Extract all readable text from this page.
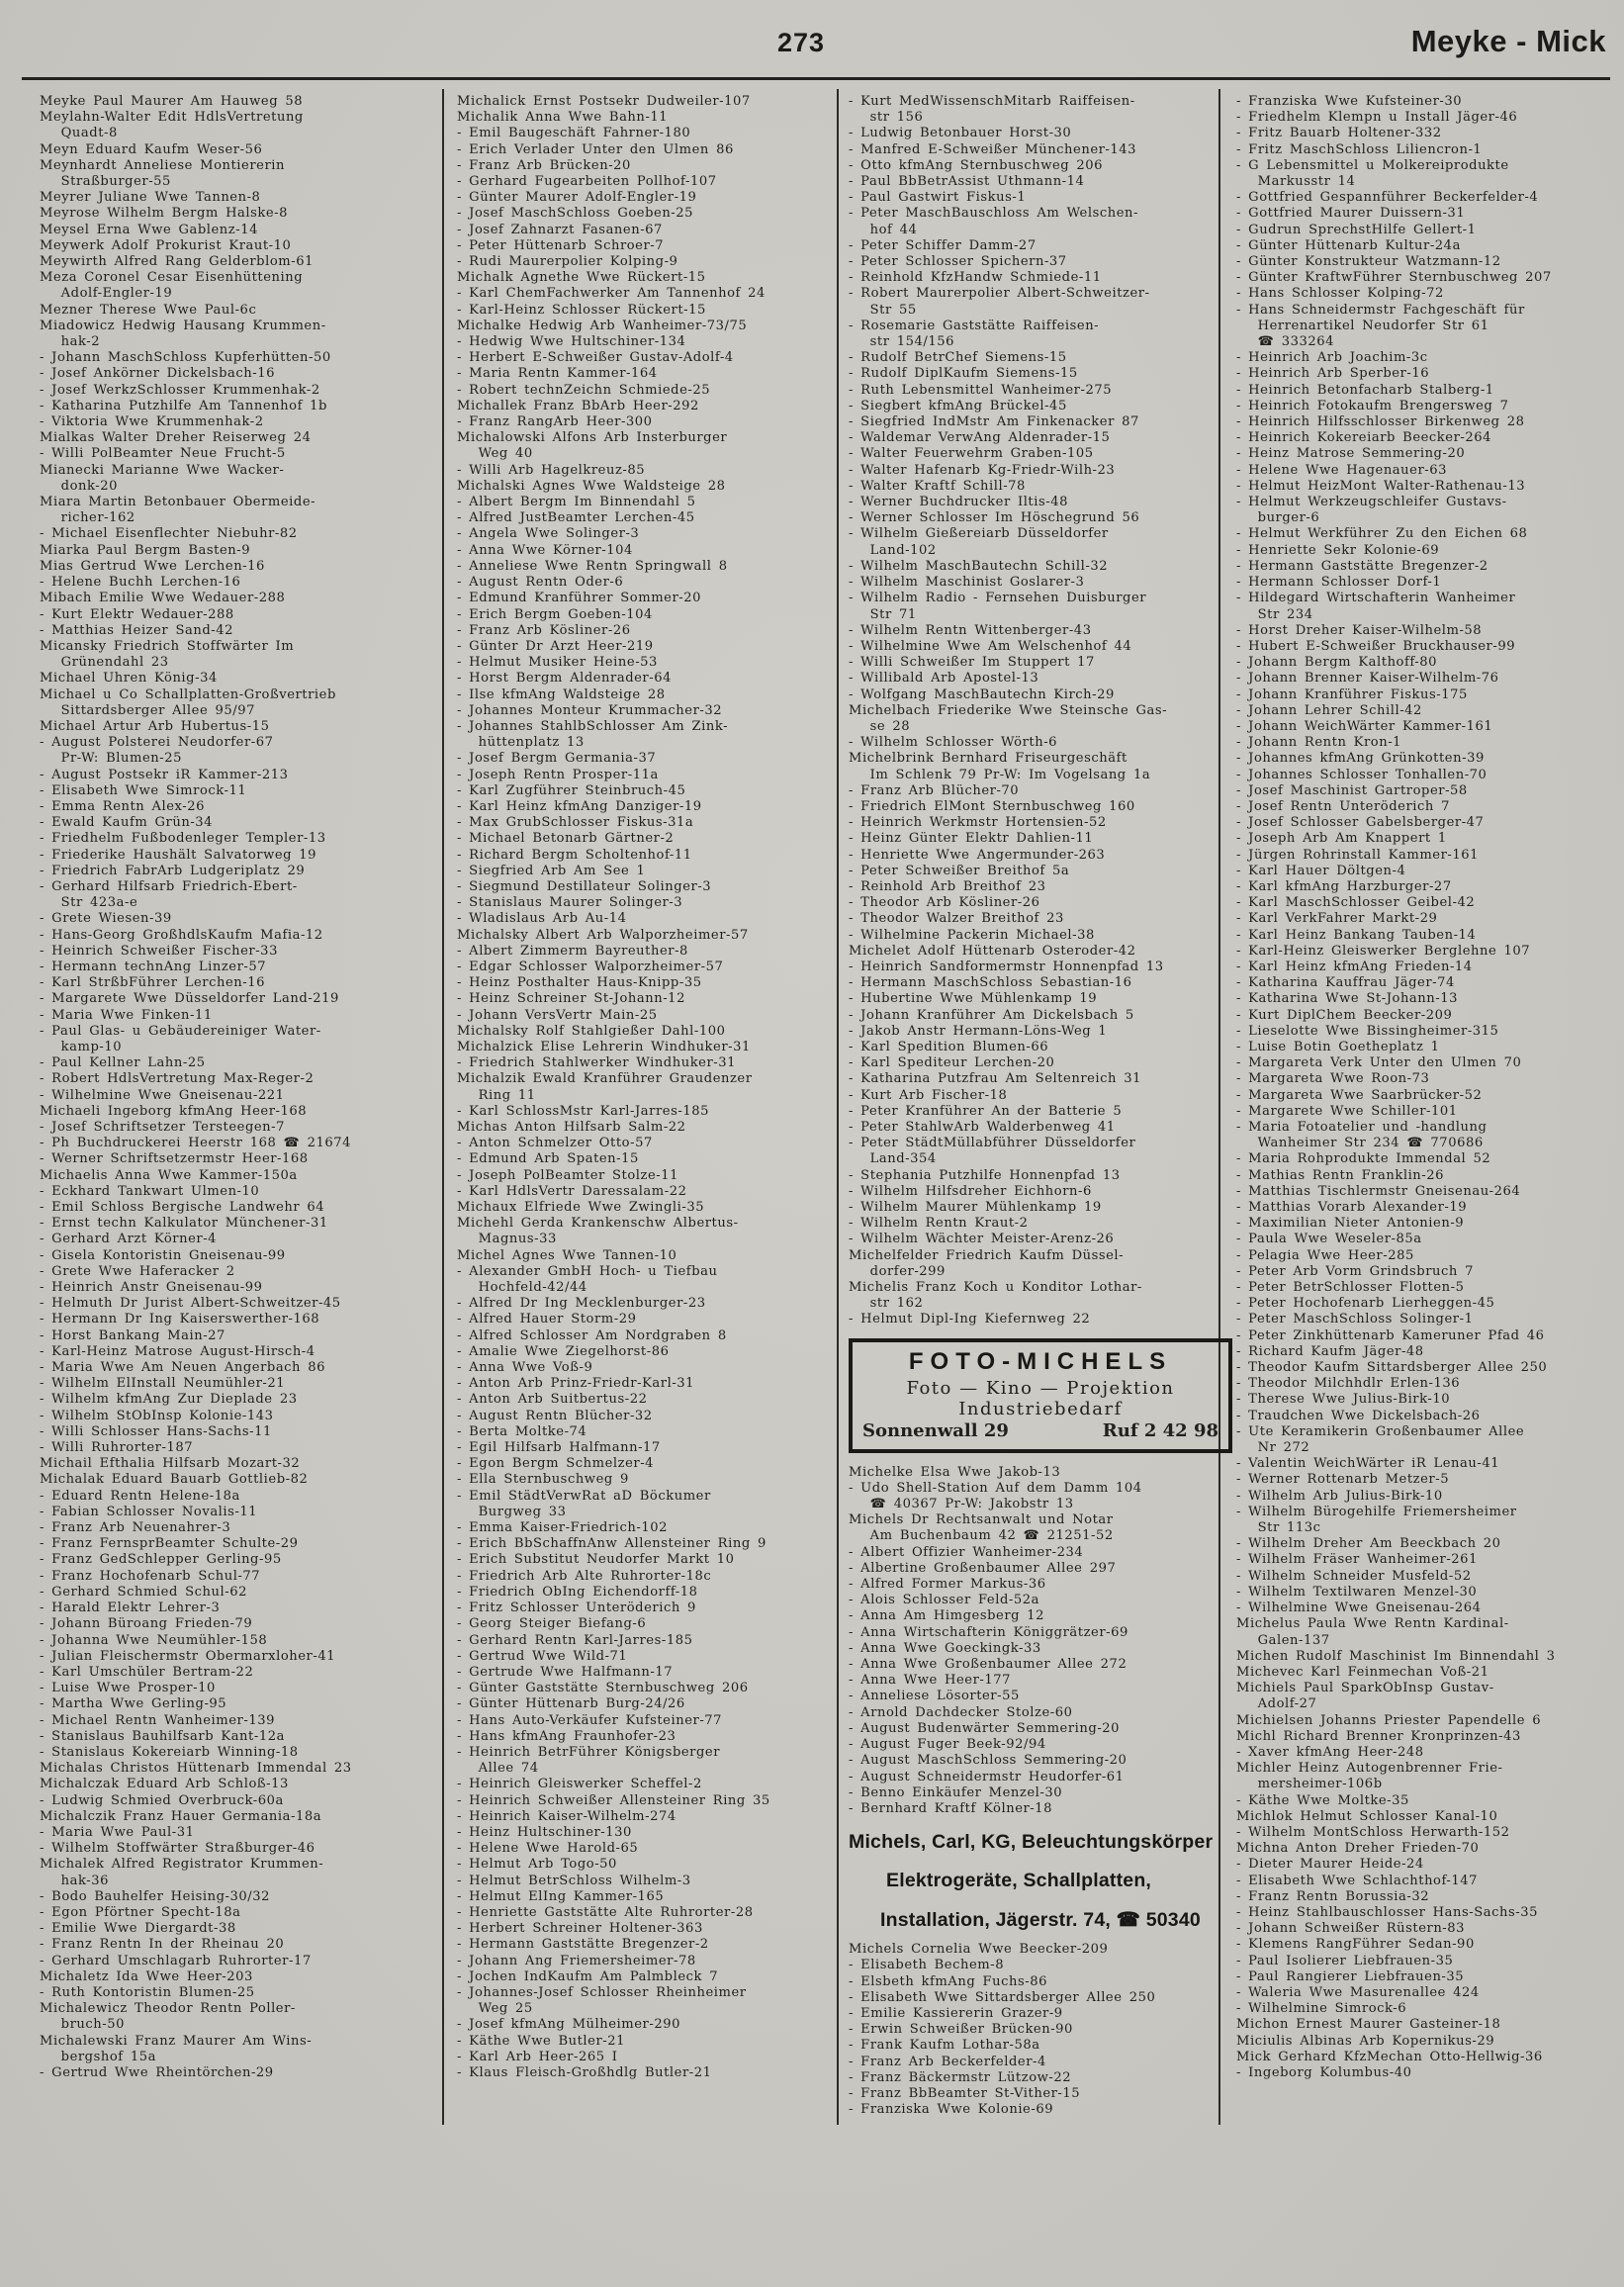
273	Meyke - Mick
Meyke Paul Maurer Am Hauweg 58
Meylahn-Walter Edit HdlsVertretung
Quadt-8
Meyn Eduard Kaufm Weser-56
Meynhardt Anneliese Montiererin
Straßburger-55
Meyrer Juliane Wwe Tannen-8
Meyrose Wilhelm Bergm Halske-8
Meysel Erna Wwe Gablenz-14
Meywerk Adolf Prokurist Kraut-10
Meywirth Alfred Rang Gelderblom-61
Meza Coronel Cesar Eisenhüttening
Adolf-Engler-19
Mezner Therese Wwe Paul-6c
Miadowicz Hedwig Hausang Krummen-
hak-2
- Johann MaschSchloss Kupferhütten-50
- Josef Ankörner Dickelsbach-16
- Josef WerkzSchlosser Krummenhak-2
- Katharina Putzhilfe Am Tannenhof 1b
- Viktoria Wwe Krummenhak-2
Mialkas Walter Dreher Reiserweg 24
- Willi PolBeamter Neue Frucht-5
Mianecki Marianne Wwe Wacker-
donk-20
Miara Martin Betonbauer Obermeide-
richer-162
- Michael Eisenflechter Niebuhr-82
Miarka Paul Bergm Basten-9
Mias Gertrud Wwe Lerchen-16
- Helene Buchh Lerchen-16
Mibach Emilie Wwe Wedauer-288
- Kurt Elektr Wedauer-288
- Matthias Heizer Sand-42
Micansky Friedrich Stoffwärter Im
Grünendahl 23
Michael Uhren König-34
Michael u Co Schallplatten-Großvertrieb
Sittardsberger Allee 95/97
Michael Artur Arb Hubertus-15
- August Polsterei Neudorfer-67
Pr-W: Blumen-25
- August Postsekr iR Kammer-213
- Elisabeth Wwe Simrock-11
- Emma Rentn Alex-26
- Ewald Kaufm Grün-34
- Friedhelm Fußbodenleger Templer-13
- Friederike Haushält Salvatorweg 19
- Friedrich FabrArb Ludgeriplatz 29
- Gerhard Hilfsarb Friedrich-Ebert-
Str 423a-e
- Grete Wiesen-39
- Hans-Georg GroßhdlsKaufm Mafia-12
- Heinrich Schweißer Fischer-33
- Hermann technAng Linzer-57
- Karl StrßbFührer Lerchen-16
- Margarete Wwe Düsseldorfer Land-219
- Maria Wwe Finken-11
- Paul Glas- u Gebäudereiniger Water-
kamp-10
- Paul Kellner Lahn-25
- Robert HdlsVertretung Max-Reger-2
- Wilhelmine Wwe Gneisenau-221
Michaeli Ingeborg kfmAng Heer-168
- Josef Schriftsetzer Tersteegen-7
- Ph Buchdruckerei Heerstr 168 ☎ 21674
- Werner Schriftsetzermstr Heer-168
Michaelis Anna Wwe Kammer-150a
- Eckhard Tankwart Ulmen-10
- Emil Schloss Bergische Landwehr 64
- Ernst techn Kalkulator Münchener-31
- Gerhard Arzt Körner-4
- Gisela Kontoristin Gneisenau-99
- Grete Wwe Haferacker 2
- Heinrich Anstr Gneisenau-99
- Helmuth Dr Jurist Albert-Schweitzer-45
- Hermann Dr Ing Kaiserswerther-168
- Horst Bankang Main-27
- Karl-Heinz Matrose August-Hirsch-4
- Maria Wwe Am Neuen Angerbach 86
- Wilhelm ElInstall Neumühler-21
- Wilhelm kfmAng Zur Dieplade 23
- Wilhelm StObInsp Kolonie-143
- Willi Schlosser Hans-Sachs-11
- Willi Ruhrorter-187
Michail Efthalia Hilfsarb Mozart-32
Michalak Eduard Bauarb Gottlieb-82
- Eduard Rentn Helene-18a
- Fabian Schlosser Novalis-11
- Franz Arb Neuenahrer-3
- Franz FernsprBeamter Schulte-29
- Franz GedSchlepper Gerling-95
- Franz Hochofenarb Schul-77
- Gerhard Schmied Schul-62
- Harald Elektr Lehrer-3
- Johann Büroang Frieden-79
- Johanna Wwe Neumühler-158
- Julian Fleischermstr Obermarxloher-41
- Karl Umschüler Bertram-22
- Luise Wwe Prosper-10
- Martha Wwe Gerling-95
- Michael Rentn Wanheimer-139
- Stanislaus Bauhilfsarb Kant-12a
- Stanislaus Kokereiarb Winning-18
Michalas Christos Hüttenarb Immendal 23
Michalczak Eduard Arb Schloß-13
- Ludwig Schmied Overbruck-60a
Michalczik Franz Hauer Germania-18a
- Maria Wwe Paul-31
- Wilhelm Stoffwärter Straßburger-46
Michalek Alfred Registrator Krummen-
hak-36
- Bodo Bauhelfer Heising-30/32
- Egon Pförtner Specht-18a
- Emilie Wwe Diergardt-38
- Franz Rentn In der Rheinau 20
- Gerhard Umschlagarb Ruhrorter-17
Michaletz Ida Wwe Heer-203
- Ruth Kontoristin Blumen-25
Michalewicz Theodor Rentn Poller-
bruch-50
Michalewski Franz Maurer Am Wins-
bergshof 15a
- Gertrud Wwe Rheintörchen-29
Michalick Ernst Postsekr Dudweiler-107
Michalik Anna Wwe Bahn-11
- Emil Baugeschäft Fahrner-180
- Erich Verlader Unter den Ulmen 86
- Franz Arb Brücken-20
- Gerhard Fugearbeiten Pollhof-107
- Günter Maurer Adolf-Engler-19
- Josef MaschSchloss Goeben-25
- Josef Zahnarzt Fasanen-67
- Peter Hüttenarb Schroer-7
- Rudi Maurerpolier Kolping-9
Michalk Agnethe Wwe Rückert-15
- Karl ChemFachwerker Am Tannenhof 24
- Karl-Heinz Schlosser Rückert-15
Michalke Hedwig Arb Wanheimer-73/75
- Hedwig Wwe Hultschiner-134
- Herbert E-Schweißer Gustav-Adolf-4
- Maria Rentn Kammer-164
- Robert technZeichn Schmiede-25
Michallek Franz BbArb Heer-292
- Franz RangArb Heer-300
Michalowski Alfons Arb Insterburger
Weg 40
- Willi Arb Hagelkreuz-85
Michalski Agnes Wwe Waldsteige 28
- Albert Bergm Im Binnendahl 5
- Alfred JustBeamter Lerchen-45
- Angela Wwe Solinger-3
- Anna Wwe Körner-104
- Anneliese Wwe Rentn Springwall 8
- August Rentn Oder-6
- Edmund Kranführer Sommer-20
- Erich Bergm Goeben-104
- Franz Arb Kösliner-26
- Günter Dr Arzt Heer-219
- Helmut Musiker Heine-53
- Horst Bergm Aldenrader-64
- Ilse kfmAng Waldsteige 28
- Johannes Monteur Krummacher-32
- Johannes StahlbSchlosser Am Zink-
hüttenplatz 13
- Josef Bergm Germania-37
- Joseph Rentn Prosper-11a
- Karl Zugführer Steinbruch-45
- Karl Heinz kfmAng Danziger-19
- Max GrubSchlosser Fiskus-31a
- Michael Betonarb Gärtner-2
- Richard Bergm Scholtenhof-11
- Siegfried Arb Am See 1
- Siegmund Destillateur Solinger-3
- Stanislaus Maurer Solinger-3
- Wladislaus Arb Au-14
Michalsky Albert Arb Walporzheimer-57
- Albert Zimmerm Bayreuther-8
- Edgar Schlosser Walporzheimer-57
- Heinz Posthalter Haus-Knipp-35
- Heinz Schreiner St-Johann-12
- Johann VersVertr Main-25
Michalsky Rolf Stahlgießer Dahl-100
Michalzick Elise Lehrerin Windhuker-31
- Friedrich Stahlwerker Windhuker-31
Michalzik Ewald Kranführer Graudenzer
Ring 11
- Karl SchlossMstr Karl-Jarres-185
Michas Anton Hilfsarb Salm-22
- Anton Schmelzer Otto-57
- Edmund Arb Spaten-15
- Joseph PolBeamter Stolze-11
- Karl HdlsVertr Daressalam-22
Michaux Elfriede Wwe Zwingli-35
Michehl Gerda Krankenschw Albertus-
Magnus-33
Michel Agnes Wwe Tannen-10
- Alexander GmbH Hoch- u Tiefbau
Hochfeld-42/44
- Alfred Dr Ing Mecklenburger-23
- Alfred Hauer Storm-29
- Alfred Schlosser Am Nordgraben 8
- Amalie Wwe Ziegelhorst-86
- Anna Wwe Voß-9
- Anton Arb Prinz-Friedr-Karl-31
- Anton Arb Suitbertus-22
- August Rentn Blücher-32
- Berta Moltke-74
- Egil Hilfsarb Halfmann-17
- Egon Bergm Schmelzer-4
- Ella Sternbuschweg 9
- Emil StädtVerwRat aD Böckumer
Burgweg 33
- Emma Kaiser-Friedrich-102
- Erich BbSchaffnAnw Allensteiner Ring 9
- Erich Substitut Neudorfer Markt 10
- Friedrich Arb Alte Ruhrorter-18c
- Friedrich ObIng Eichendorff-18
- Fritz Schlosser Unteröderich 9
- Georg Steiger Biefang-6
- Gerhard Rentn Karl-Jarres-185
- Gertrud Wwe Wild-71
- Gertrude Wwe Halfmann-17
- Günter Gaststätte Sternbuschweg 206
- Günter Hüttenarb Burg-24/26
- Hans Auto-Verkäufer Kufsteiner-77
- Hans kfmAng Fraunhofer-23
- Heinrich BetrFührer Königsberger
Allee 74
- Heinrich Gleiswerker Scheffel-2
- Heinrich Schweißer Allensteiner Ring 35
- Heinrich Kaiser-Wilhelm-274
- Heinz Hultschiner-130
- Helene Wwe Harold-65
- Helmut Arb Togo-50
- Helmut BetrSchloss Wilhelm-3
- Helmut ElIng Kammer-165
- Henriette Gaststätte Alte Ruhrorter-28
- Herbert Schreiner Holtener-363
- Hermann Gaststätte Bregenzer-2
- Johann Ang Friemersheimer-78
- Jochen IndKaufm Am Palmbleck 7
- Johannes-Josef Schlosser Rheinheimer
Weg 25
- Josef kfmAng Mülheimer-290
- Käthe Wwe Butler-21
- Karl Arb Heer-265 I
- Klaus Fleisch-Großhdlg Butler-21
- Kurt MedWissenschMitarb Raiffeisen-
str 156
- Ludwig Betonbauer Horst-30
- Manfred E-Schweißer Münchener-143
- Otto kfmAng Sternbuschweg 206
- Paul BbBetrAssist Uthmann-14
- Paul Gastwirt Fiskus-1
- Peter MaschBauschloss Am Welschen-
hof 44
- Peter Schiffer Damm-27
- Peter Schlosser Spichern-37
- Reinhold KfzHandw Schmiede-11
- Robert Maurerpolier Albert-Schweitzer-
Str 55
- Rosemarie Gaststätte Raiffeisen-
str 154/156
- Rudolf BetrChef Siemens-15
- Rudolf DiplKaufm Siemens-15
- Ruth Lebensmittel Wanheimer-275
- Siegbert kfmAng Brückel-45
- Siegfried IndMstr Am Finkenacker 87
- Waldemar VerwAng Aldenrader-15
- Walter Feuerwehrm Graben-105
- Walter Hafenarb Kg-Friedr-Wilh-23
- Walter Kraftf Schill-78
- Werner Buchdrucker Iltis-48
- Werner Schlosser Im Höschegrund 56
- Wilhelm Gießereiarb Düsseldorfer
Land-102
- Wilhelm MaschBautechn Schill-32
- Wilhelm Maschinist Goslarer-3
- Wilhelm Radio - Fernsehen Duisburger
Str 71
- Wilhelm Rentn Wittenberger-43
- Wilhelmine Wwe Am Welschenhof 44
- Willi Schweißer Im Stuppert 17
- Willibald Arb Apostel-13
- Wolfgang MaschBautechn Kirch-29
Michelbach Friederike Wwe Steinsche Gas-
se 28
- Wilhelm Schlosser Wörth-6
Michelbrink Bernhard Friseurgeschäft
Im Schlenk 79 Pr-W: Im Vogelsang 1a
- Franz Arb Blücher-70
- Friedrich ElMont Sternbuschweg 160
- Heinrich Werkmstr Hortensien-52
- Heinz Günter Elektr Dahlien-11
- Henriette Wwe Angermunder-263
- Peter Schweißer Breithof 5a
- Reinhold Arb Breithof 23
- Theodor Arb Kösliner-26
- Theodor Walzer Breithof 23
- Wilhelmine Packerin Michael-38
Michelet Adolf Hüttenarb Osteroder-42
- Heinrich Sandformermstr Honnenpfad 13
- Hermann MaschSchloss Sebastian-16
- Hubertine Wwe Mühlenkamp 19
- Johann Kranführer Am Dickelsbach 5
- Jakob Anstr Hermann-Löns-Weg 1
- Karl Spedition Blumen-66
- Karl Spediteur Lerchen-20
- Katharina Putzfrau Am Seltenreich 31
- Kurt Arb Fischer-18
- Peter Kranführer An der Batterie 5
- Peter StahlwArb Walderbenweg 41
- Peter StädtMüllabführer Düsseldorfer
Land-354
- Stephania Putzhilfe Honnenpfad 13
- Wilhelm Hilfsdreher Eichhorn-6
- Wilhelm Maurer Mühlenkamp 19
- Wilhelm Rentn Kraut-2
- Wilhelm Wächter Meister-Arenz-26
Michelfelder Friedrich Kaufm Düssel-
dorfer-299
Michelis Franz Koch u Konditor Lothar-
str 162
- Helmut Dipl-Ing Kiefernweg 22
FOTO-MICHELS
Foto — Kino — Projektion
Industriebedarf
Sonnenwall 29	Ruf 2 42 98
Michelke Elsa Wwe Jakob-13
- Udo Shell-Station Auf dem Damm 104
☎ 40367 Pr-W: Jakobstr 13
Michels Dr Rechtsanwalt und Notar
Am Buchenbaum 42 ☎ 21251-52
- Albert Offizier Wanheimer-234
- Albertine Großenbaumer Allee 297
- Alfred Former Markus-36
- Alois Schlosser Feld-52a
- Anna Am Himgesberg 12
- Anna Wirtschafterin Königgrätzer-69
- Anna Wwe Goeckingk-33
- Anna Wwe Großenbaumer Allee 272
- Anna Wwe Heer-177
- Anneliese Lösorter-55
- Arnold Dachdecker Stolze-60
- August Budenwärter Semmering-20
- August Fuger Beek-92/94
- August MaschSchloss Semmering-20
- August Schneidermstr Heudorfer-61
- Benno Einkäufer Menzel-30
- Bernhard Kraftf Kölner-18
Michels, Carl, KG, Beleuchtungskörper
Elektrogeräte, Schallplatten,
Installation, Jägerstr. 74, ☎ 50340
Michels Cornelia Wwe Beecker-209
- Elisabeth Bechem-8
- Elsbeth kfmAng Fuchs-86
- Elisabeth Wwe Sittardsberger Allee 250
- Emilie Kassiererin Grazer-9
- Erwin Schweißer Brücken-90
- Frank Kaufm Lothar-58a
- Franz Arb Beckerfelder-4
- Franz Bäckermstr Lützow-22
- Franz BbBeamter St-Vither-15
- Franziska Wwe Kolonie-69
- Franziska Wwe Kufsteiner-30
- Friedhelm Klempn u Install Jäger-46
- Fritz Bauarb Holtener-332
- Fritz MaschSchloss Liliencron-1
- G Lebensmittel u Molkereiprodukte
Markusstr 14
- Gottfried Gespannführer Beckerfelder-4
- Gottfried Maurer Duissern-31
- Gudrun SprechstHilfe Gellert-1
- Günter Hüttenarb Kultur-24a
- Günter Konstrukteur Watzmann-12
- Günter KraftwFührer Sternbuschweg 207
- Hans Schlosser Kolping-72
- Hans Schneidermstr Fachgeschäft für
Herrenartikel Neudorfer Str 61
☎ 333264
- Heinrich Arb Joachim-3c
- Heinrich Arb Sperber-16
- Heinrich Betonfacharb Stalberg-1
- Heinrich Fotokaufm Brengersweg 7
- Heinrich Hilfsschlosser Birkenweg 28
- Heinrich Kokereiarb Beecker-264
- Heinz Matrose Semmering-20
- Helene Wwe Hagenauer-63
- Helmut HeizMont Walter-Rathenau-13
- Helmut Werkzeugschleifer Gustavs-
burger-6
- Helmut Werkführer Zu den Eichen 68
- Henriette Sekr Kolonie-69
- Hermann Gaststätte Bregenzer-2
- Hermann Schlosser Dorf-1
- Hildegard Wirtschafterin Wanheimer
Str 234
- Horst Dreher Kaiser-Wilhelm-58
- Hubert E-Schweißer Bruckhauser-99
- Johann Bergm Kalthoff-80
- Johann Brenner Kaiser-Wilhelm-76
- Johann Kranführer Fiskus-175
- Johann Lehrer Schill-42
- Johann WeichWärter Kammer-161
- Johann Rentn Kron-1
- Johannes kfmAng Grünkotten-39
- Johannes Schlosser Tonhallen-70
- Josef Maschinist Gartroper-58
- Josef Rentn Unteröderich 7
- Josef Schlosser Gabelsberger-47
- Joseph Arb Am Knappert 1
- Jürgen Rohrinstall Kammer-161
- Karl Hauer Döltgen-4
- Karl kfmAng Harzburger-27
- Karl MaschSchlosser Geibel-42
- Karl VerkFahrer Markt-29
- Karl Heinz Bankang Tauben-14
- Karl-Heinz Gleiswerker Berglehne 107
- Karl Heinz kfmAng Frieden-14
- Katharina Kauffrau Jäger-74
- Katharina Wwe St-Johann-13
- Kurt DiplChem Beecker-209
- Lieselotte Wwe Bissingheimer-315
- Luise Botin Goetheplatz 1
- Margareta Verk Unter den Ulmen 70
- Margareta Wwe Roon-73
- Margareta Wwe Saarbrücker-52
- Margarete Wwe Schiller-101
- Maria Fotoatelier und -handlung
Wanheimer Str 234 ☎ 770686
- Maria Rohprodukte Immendal 52
- Mathias Rentn Franklin-26
- Matthias Tischlermstr Gneisenau-264
- Matthias Vorarb Alexander-19
- Maximilian Nieter Antonien-9
- Paula Wwe Weseler-85a
- Pelagia Wwe Heer-285
- Peter Arb Vorm Grindsbruch 7
- Peter BetrSchlosser Flotten-5
- Peter Hochofenarb Lierheggen-45
- Peter MaschSchloss Solinger-1
- Peter Zinkhüttenarb Kameruner Pfad 46
- Richard Kaufm Jäger-48
- Theodor Kaufm Sittardsberger Allee 250
- Theodor Milchhdlr Erlen-136
- Therese Wwe Julius-Birk-10
- Traudchen Wwe Dickelsbach-26
- Ute Keramikerin Großenbaumer Allee
Nr 272
- Valentin WeichWärter iR Lenau-41
- Werner Rottenarb Metzer-5
- Wilhelm Arb Julius-Birk-10
- Wilhelm Bürogehilfe Friemersheimer
Str 113c
- Wilhelm Dreher Am Beeckbach 20
- Wilhelm Fräser Wanheimer-261
- Wilhelm Schneider Musfeld-52
- Wilhelm Textilwaren Menzel-30
- Wilhelmine Wwe Gneisenau-264
Michelus Paula Wwe Rentn Kardinal-
Galen-137
Michen Rudolf Maschinist Im Binnendahl 3
Michevec Karl Feinmechan Voß-21
Michiels Paul SparkObInsp Gustav-
Adolf-27
Michielsen Johanns Priester Papendelle 6
Michl Richard Brenner Kronprinzen-43
- Xaver kfmAng Heer-248
Michler Heinz Autogenbrenner Frie-
mersheimer-106b
- Käthe Wwe Moltke-35
Michlok Helmut Schlosser Kanal-10
- Wilhelm MontSchloss Herwarth-152
Michna Anton Dreher Frieden-70
- Dieter Maurer Heide-24
- Elisabeth Wwe Schlachthof-147
- Franz Rentn Borussia-32
- Heinz Stahlbauschlosser Hans-Sachs-35
- Johann Schweißer Rüstern-83
- Klemens RangFührer Sedan-90
- Paul Isolierer Liebfrauen-35
- Paul Rangierer Liebfrauen-35
- Waleria Wwe Masurenallee 424
- Wilhelmine Simrock-6
Michon Ernest Maurer Gasteiner-18
Miciulis Albinas Arb Kopernikus-29
Mick Gerhard KfzMechan Otto-Hellwig-36
- Ingeborg Kolumbus-40
